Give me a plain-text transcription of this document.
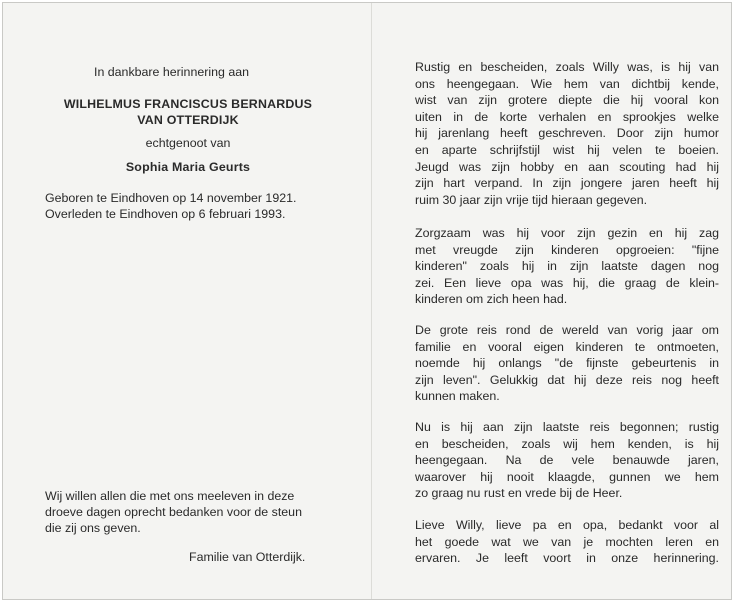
In dankbare herinnering aan
WILHELMUS FRANCISCUS BERNARDUS
VAN OTTERDIJK
echtgenoot van
Sophia Maria Geurts
Geboren te Eindhoven op 14 november 1921.
Overleden te Eindhoven op 6 februari 1993.
Wij willen allen die met ons meeleven in deze
droeve dagen oprecht bedanken voor de steun
die zij ons geven.
Familie van Otterdijk.
Rustig en bescheiden, zoals Willy was, is hij van
ons heengegaan. Wie hem van dichtbij kende,
wist van zijn grotere diepte die hij vooral kon
uiten in de korte verhalen en sprookjes welke
hij jarenlang heeft geschreven. Door zijn humor
en aparte schrijfstijl wist hij velen te boeien.
Jeugd was zijn hobby en aan scouting had hij
zijn hart verpand. In zijn jongere jaren heeft hij
ruim 30 jaar zijn vrije tijd hieraan gegeven.
Zorgzaam was hij voor zijn gezin en hij zag
met vreugde zijn kinderen opgroeien: "fijne
kinderen" zoals hij in zijn laatste dagen nog
zei. Een lieve opa was hij, die graag de klein-
kinderen om zich heen had.
De grote reis rond de wereld van vorig jaar om
familie en vooral eigen kinderen te ontmoeten,
noemde hij onlangs "de fijnste gebeurtenis in
zijn leven". Gelukkig dat hij deze reis nog heeft
kunnen maken.
Nu is hij aan zijn laatste reis begonnen; rustig
en bescheiden, zoals wij hem kenden, is hij
heengegaan. Na de vele benauwde jaren,
waarover hij nooit klaagde, gunnen we hem
zo graag nu rust en vrede bij de Heer.
Lieve Willy, lieve pa en opa, bedankt voor al
het goede wat we van je mochten leren en
ervaren. Je leeft voort in onze herinnering.
